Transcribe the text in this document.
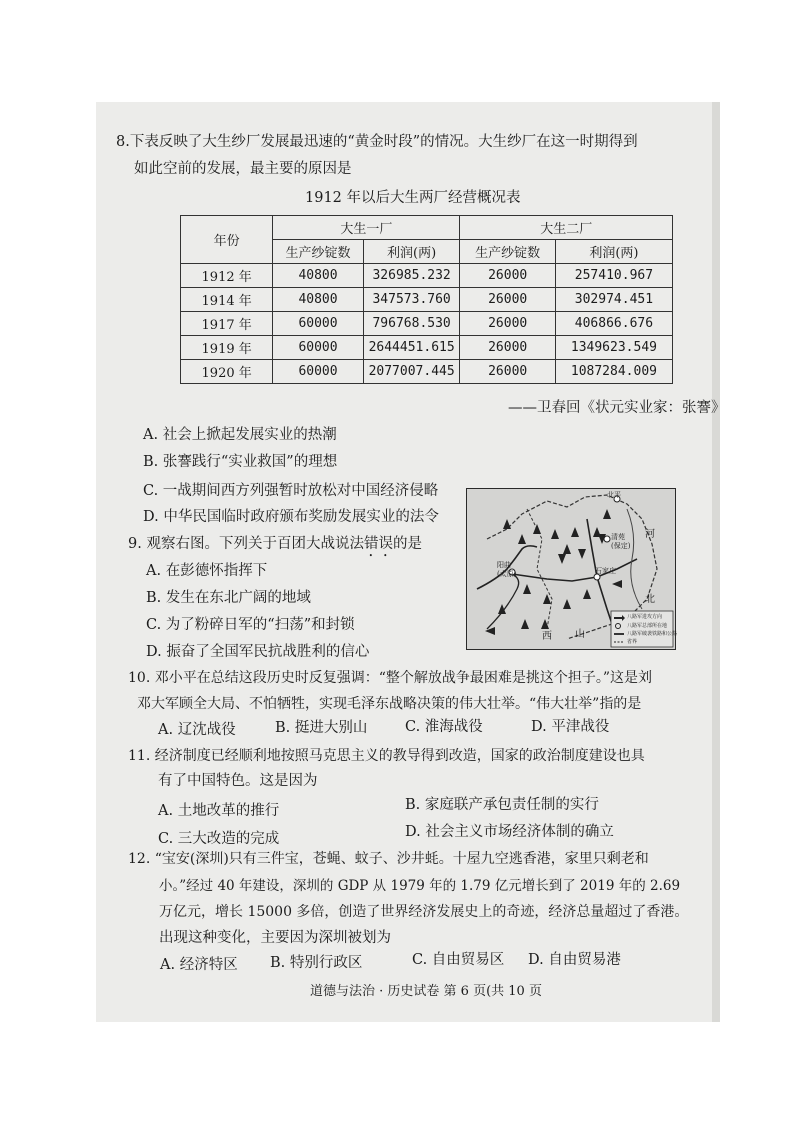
8.下表反映了大生纱厂发展最迅速的“黄金时段”的情况。大生纱厂在这一时期得到
如此空前的发展，最主要的原因是
1912 年以后大生两厂经营概况表
年份	大生一厂		大生二厂	
	生产纱锭数	利润(两)	生产纱锭数	利润(两)
1912 年	40800	326985.232	26000	257410.967
1914 年	40800	347573.760	26000	302974.451
1917 年	60000	796768.530	26000	406866.676
1919 年	60000	2644451.615	26000	1349623.549
1920 年	60000	2077007.445	26000	1087284.009
——卫春回《状元实业家：张謇》
A. 社会上掀起发展实业的热潮
B. 张謇践行“实业救国”的理想
C. 一战期间西方列强暂时放松对中国经济侵略
D. 中华民国临时政府颁布奖励发展实业的法令
9. 观察右图。下列关于百团大战说法错误的是
A. 在彭德怀指挥下
B. 发生在东北广阔的地域
C. 为了粉碎日军的“扫荡”和封锁
D. 振奋了全国军民抗战胜利的信心
北平
阳曲
(太原)	石家庄
清苑
(保定)
河
北
西 山
八路军进攻方向
八路军总部所在地
八路军破袭铁路和公路
省界
10. 邓小平在总结这段历史时反复强调：“整个解放战争最困难是挑这个担子。”这是刘
邓大军顾全大局、不怕牺牲，实现毛泽东战略决策的伟大壮举。“伟大壮举”指的是
A. 辽沈战役	B. 挺进大别山	C. 淮海战役	D. 平津战役
11. 经济制度已经顺利地按照马克思主义的教导得到改造，国家的政治制度建设也具
有了中国特色。这是因为
A. 土地改革的推行	B. 家庭联产承包责任制的实行
C. 三大改造的完成	D. 社会主义市场经济体制的确立
12. “宝安(深圳)只有三件宝，苍蝇、蚊子、沙井蚝。十屋九空逃香港，家里只剩老和
小。”经过 40 年建设，深圳的 GDP 从 1979 年的 1.79 亿元增长到了 2019 年的 2.69
万亿元，增长 15000 多倍，创造了世界经济发展史上的奇迹，经济总量超过了香港。
出现这种变化，主要因为深圳被划为
A. 经济特区 B. 特别行政区	C. 自由贸易区 D. 自由贸易港
道德与法治 · 历史试卷 第 6 页(共 10 页
